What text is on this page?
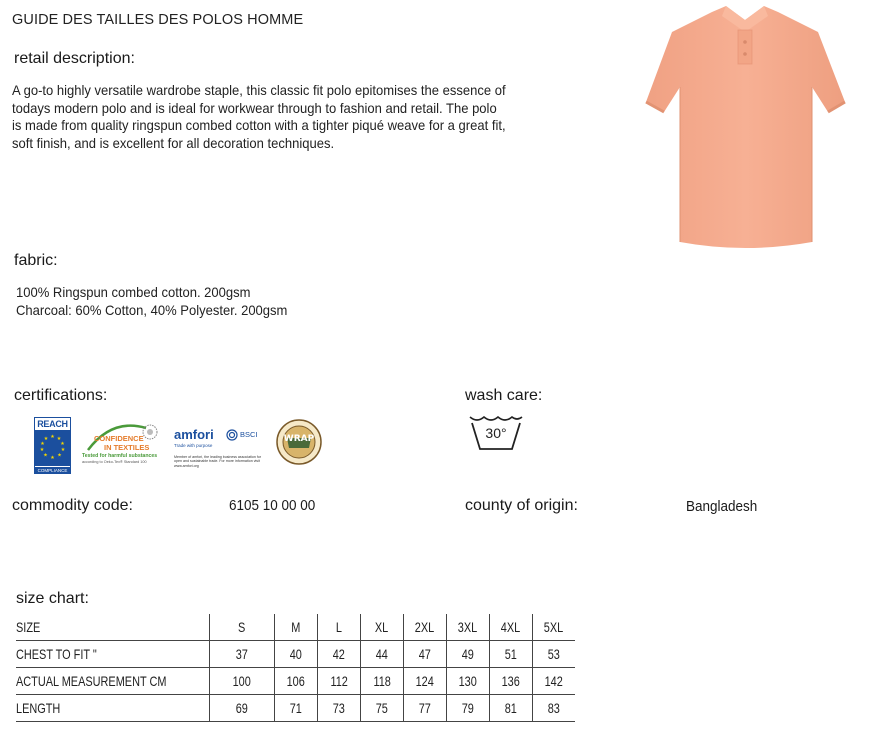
GUIDE DES TAILLES DES POLOS HOMME
retail description:
A go-to highly versatile wardrobe staple, this classic fit polo epitomises the essence of
todays modern polo and is ideal for workwear through to fashion and retail. The polo
is made from quality ringspun combed cotton with a tighter piqué weave for a great fit,
soft finish, and is excellent for all decoration techniques.
fabric:
100% Ringspun combed cotton. 200gsm
Charcoal: 60% Cotton, 40% Polyester. 200gsm
certifications:	wash care:
REACH
★ ★
★
★
★
★
★
★
★
★
COMPLIANCE
CONFIDENCE
IN TEXTILES
Tested for harmful substances
according to Oeko-Tex® Standard 100
amfori	BSCI
Trade with purpose
Member of amfori, the leading business association for open and sustainable trade. For more information visit www.amfori.org
WRAP	30°
commodity code:	6105 10 00 00	county of origin:	Bangladesh
size chart:
SIZE	S	M	L	XL	2XL	3XL	4XL	5XL
CHEST TO FIT "	37	40	42	44	47	49	51	53
ACTUAL MEASUREMENT CM	100	106	112	118	124	130	136	142
LENGTH	69	71	73	75	77	79	81	83
